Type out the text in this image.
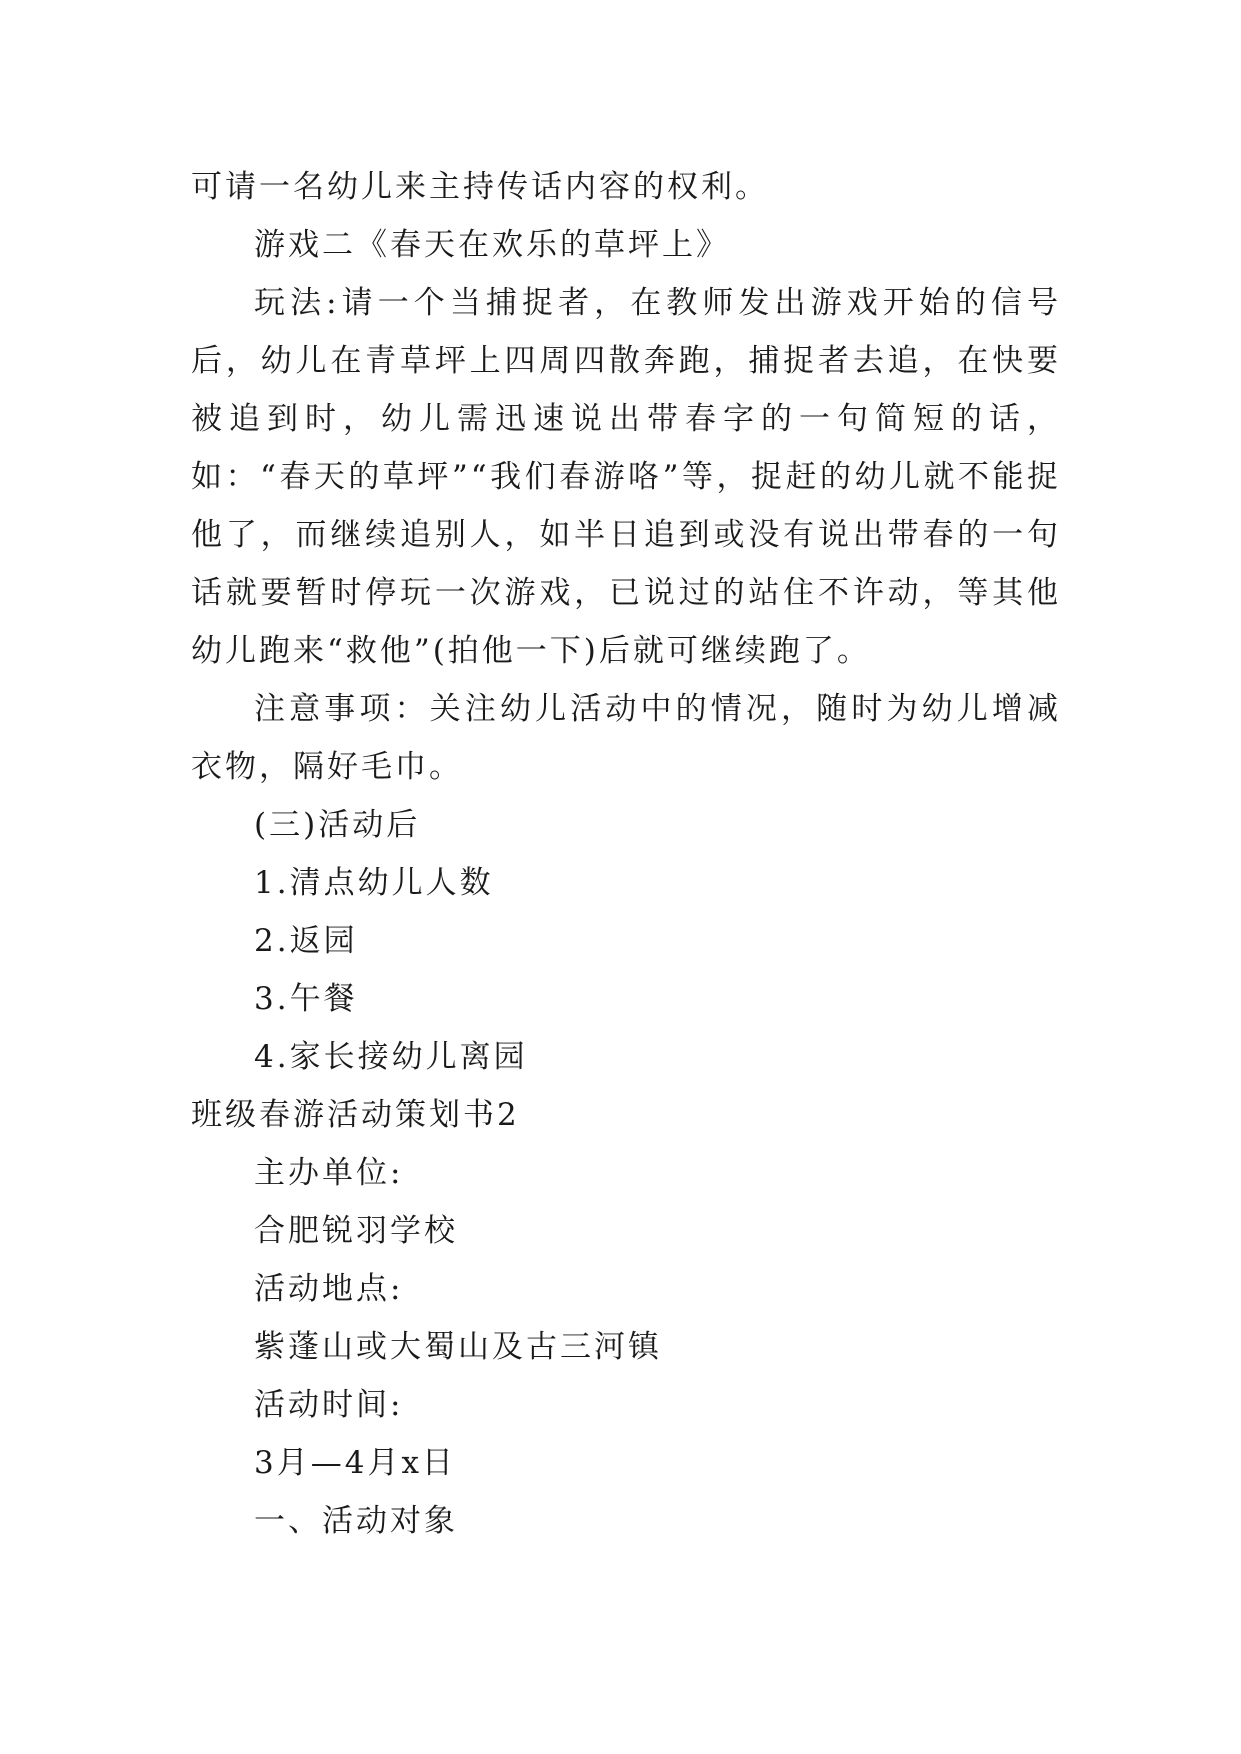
可请一名幼儿来主持传话内容的权利。

游戏二《春天在欢乐的草坪上》

玩法:请一个当捕捉者，在教师发出游戏开始的信号后，幼儿在青草坪上四周四散奔跑，捕捉者去追，在快要被追到时，幼儿需迅速说出带春字的一句简短的话，如：“春天的草坪”“我们春游咯”等，捉赶的幼儿就不能捉他了，而继续追别人，如半日追到或没有说出带春的一句话就要暂时停玩一次游戏，已说过的站住不许动，等其他幼儿跑来“救他”(拍他一下)后就可继续跑了。

注意事项：关注幼儿活动中的情况，随时为幼儿增减衣物，隔好毛巾。

(三)活动后

1.清点幼儿人数

2.返园

3.午餐

4.家长接幼儿离园

班级春游活动策划书2

主办单位:

合肥锐羽学校

活动地点:

紫蓬山或大蜀山及古三河镇

活动时间:

3月—4月x日

一、活动对象
